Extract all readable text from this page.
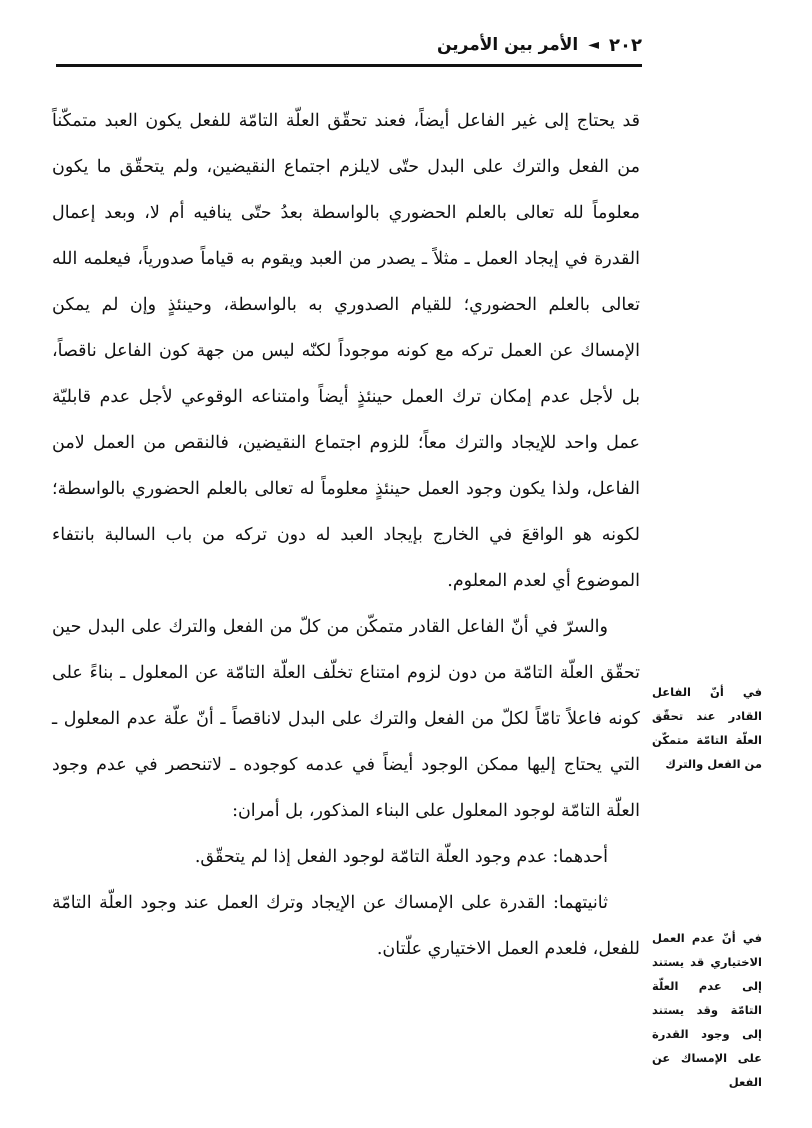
٢٠٢
◄
الأمر بين الأمرين

قد يحتاج إلى غير الفاعل أيضاً، فعند تحقّق العلّة التامّة للفعل يكون العبد متمكّناً من الفعل والترك على البدل حتّى لايلزم اجتماع النقيضين، ولم يتحقّق ما يكون معلوماً لله تعالى بالعلم الحضوري بالواسطة بعدُ حتّى ينافيه أم لا، وبعد إعمال القدرة في إيجاد العمل ـ مثلاً ـ يصدر من العبد ويقوم به قياماً صدورياً، فيعلمه الله تعالى بالعلم الحضوري؛ للقيام الصدوري به بالواسطة، وحينئذٍ وإن لم يمكن الإمساك عن العمل تركه مع كونه موجوداً لكنّه ليس من جهة كون الفاعل ناقصاً، بل لأجل عدم إمكان ترك العمل حينئذٍ أيضاً وامتناعه الوقوعي لأجل عدم قابليّة عمل واحد للإيجاد والترك معاً؛ للزوم اجتماع النقيضين، فالنقص من العمل لامن الفاعل، ولذا يكون وجود العمل حينئذٍ معلوماً له تعالى بالعلم الحضوري بالواسطة؛ لكونه هو الواقعَ في الخارج بإيجاد العبد له دون تركه من باب السالبة بانتفاء الموضوع أي لعدم المعلوم.

والسرّ في أنّ الفاعل القادر متمكّن من كلّ من الفعل والترك على البدل حين تحقّق العلّة التامّة من دون لزوم امتناع تخلّف العلّة التامّة عن المعلول ـ بناءً على كونه فاعلاً تامّاً لكلّ من الفعل والترك على البدل لاناقصاً ـ أنّ علّة عدم المعلول ـ التي يحتاج إليها ممكن الوجود أيضاً في عدمه كوجوده ـ لاتنحصر في عدم وجود العلّة التامّة لوجود المعلول على البناء المذكور، بل أمران:

أحدهما: عدم وجود العلّة التامّة لوجود الفعل إذا لم يتحقّق.

ثانيتهما: القدرة على الإمساك عن الإيجاد وترك العمل عند وجود العلّة التامّة للفعل، فلعدم العمل الاختياري علّتان.

في أنّ الفاعل القادر عند تحقّق العلّة التامّة متمكّن من الفعل والترك
في أنّ عدم العمل الاختياري قد يستند إلى عدم العلّة التامّة وقد يستند إلى وجود القدرة على الإمساك عن الفعل
